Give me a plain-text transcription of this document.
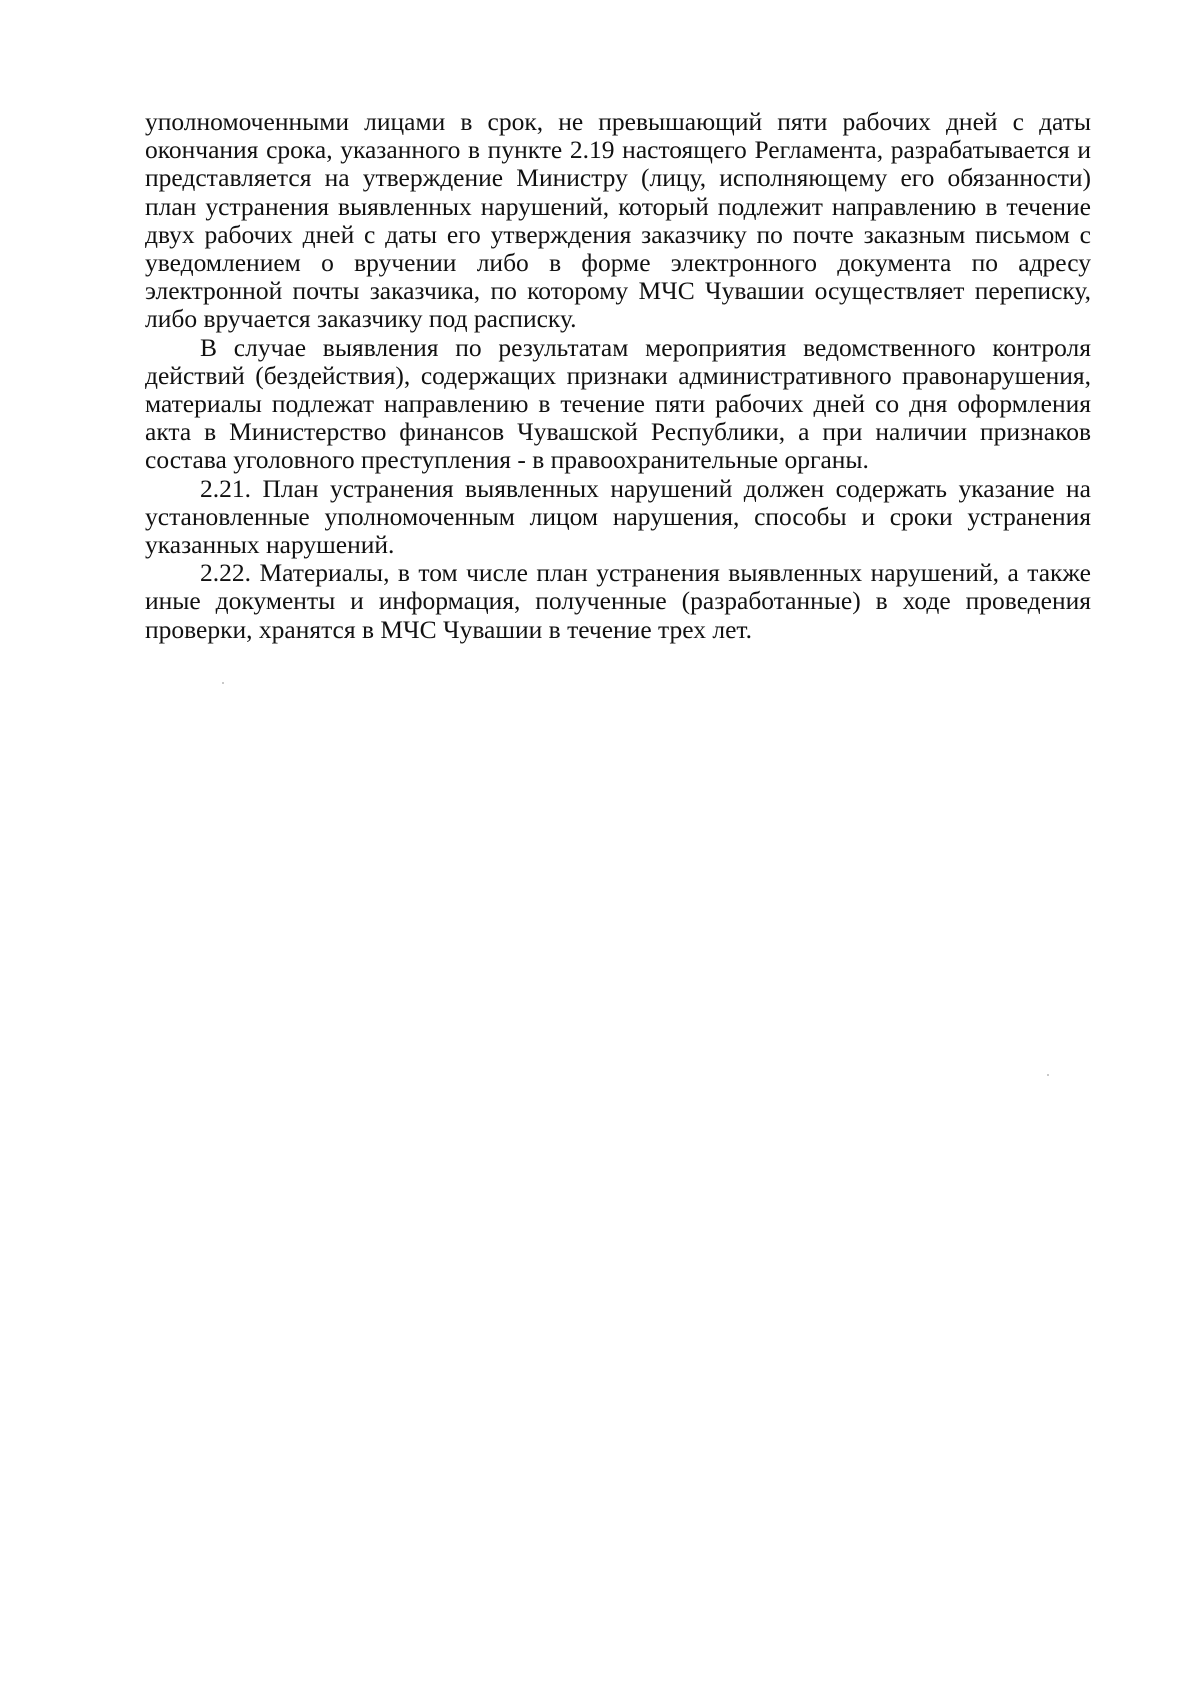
уполномоченными лицами в срок, не превышающий пяти рабочих дней с даты окончания срока, указанного в пункте 2.19 настоящего Регламента, разрабатывается и представляется на утверждение Министру (лицу, исполняющему его обязанности) план устранения выявленных нарушений, который подлежит направлению в течение двух рабочих дней с даты его утверждения заказчику по почте заказным письмом с уведомлением о вручении либо в форме электронного документа по адресу электронной почты заказчика, по которому МЧС Чувашии осуществляет переписку, либо вручается заказчику под расписку.

В случае выявления по результатам мероприятия ведомственного контроля действий (бездействия), содержащих признаки административного правонарушения, материалы подлежат направлению в течение пяти рабочих дней со дня оформления акта в Министерство финансов Чувашской Республики, а при наличии признаков состава уголовного преступления - в правоохранительные органы.

2.21. План устранения выявленных нарушений должен содержать указание на установленные уполномоченным лицом нарушения, способы и сроки устранения указанных нарушений.

2.22. Материалы, в том числе план устранения выявленных нарушений, а также иные документы и информация, полученные (разработанные) в ходе проведения проверки, хранятся в МЧС Чувашии в течение трех лет.
